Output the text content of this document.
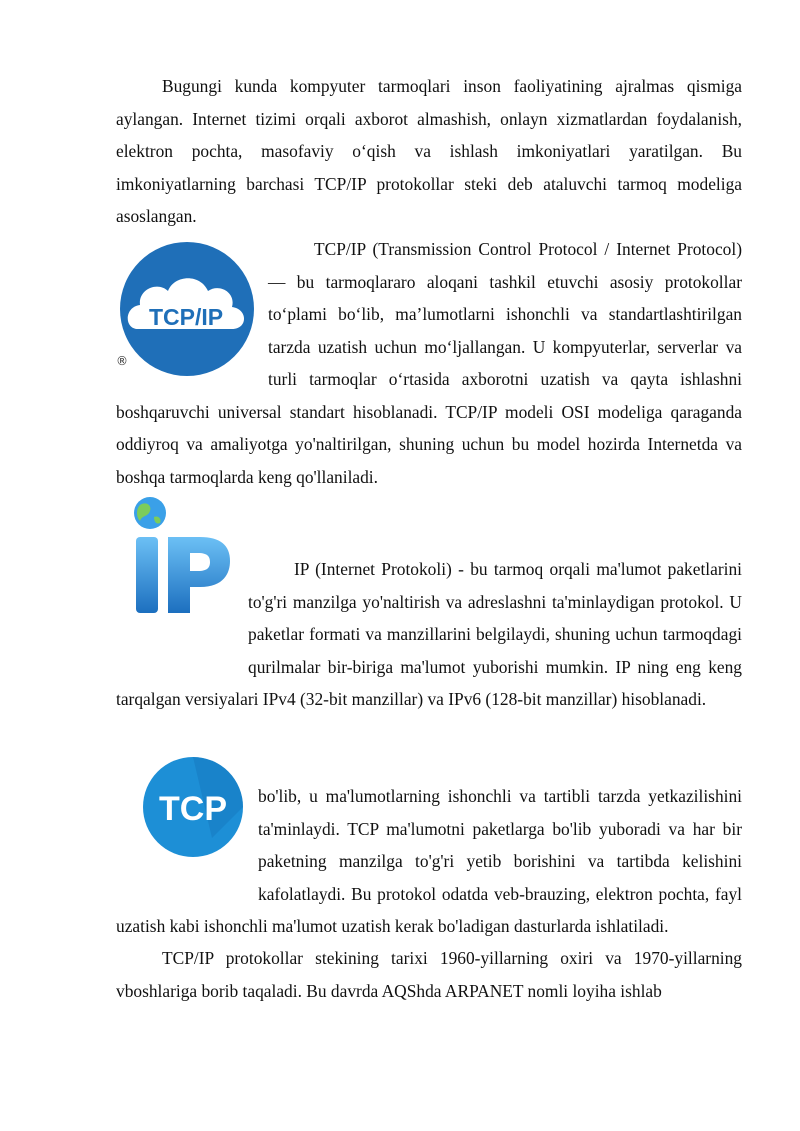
Bugungi kunda kompyuter tarmoqlari inson faoliyatining ajralmas qismiga aylangan. Internet tizimi orqali axborot almashish, onlayn xizmatlardan foydalanish, elektron pochta, masofaviy o‘qish va ishlash imkoniyatlari yaratilgan. Bu imkoniyatlarning barchasi TCP/IP protokollar steki deb ataluvchi tarmoq modeliga asoslangan.

TCP/IP
®

TCP/IP (Transmission Control Protocol / Internet Protocol) — bu tarmoqlararo aloqani tashkil etuvchi asosiy protokollar to‘plami bo‘lib, ma’lumotlarni ishonchli va standartlashtirilgan tarzda uzatish uchun mo‘ljallangan. U kompyuterlar, serverlar va turli tarmoqlar o‘rtasida axborotni uzatish va qayta ishlashni boshqaruvchi universal standart hisoblanadi. TCP/IP modeli OSI modeliga qaraganda oddiyroq va amaliyotga yo'naltirilgan, shuning uchun bu model hozirda Internetda va boshqa tarmoqlarda keng qo'llaniladi.

IP (Internet Protokoli) - bu tarmoq orqali ma'lumot paketlarini to'g'ri manzilga yo'naltirish va adreslashni ta'minlaydigan protokol. U paketlar formati va manzillarini belgilaydi, shuning uchun tarmoqdagi qurilmalar bir-biriga ma'lumot yuborishi mumkin. IP ning eng keng tarqalgan versiyalari IPv4 (32-bit manzillar) va IPv6 (128-bit manzillar) hisoblanadi.

TCP	bo'lib, u ma'lumotlarning ishonchli va tartibli tarzda yetkazilishini ta'minlaydi. TCP ma'lumotni paketlarga bo'lib yuboradi va har bir paketning manzilga to'g'ri yetib borishini va tartibda kelishini kafolatlaydi. Bu protokol odatda veb-brauzing, elektron pochta, fayl uzatish kabi ishonchli ma'lumot uzatish kerak bo'ladigan dasturlarda ishlatiladi.

TCP/IP protokollar stekining tarixi 1960-yillarning oxiri va 1970-yillarning vboshlariga borib taqaladi. Bu davrda AQShda ARPANET nomli loyiha ishlab
